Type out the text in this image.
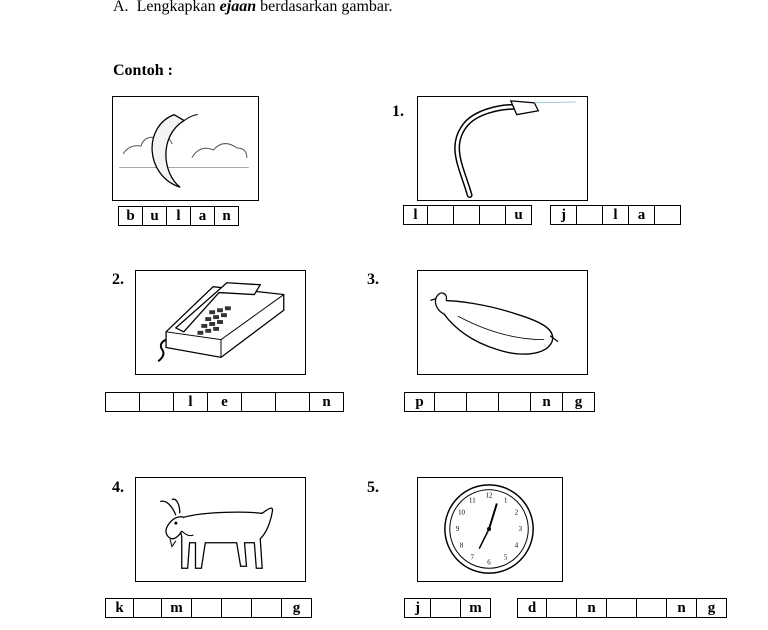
A. Lengkapkan ejaan berdasarkan gambar.
Contoh :
b	u	l	a	n
1.
l	u	j	l	a
2.
l	e	n
3.
p	n	g
4.
k	m	g
5.
12
1
2
3
4
5
6
7
8
9
10
11
j	m	d	n	n	g
